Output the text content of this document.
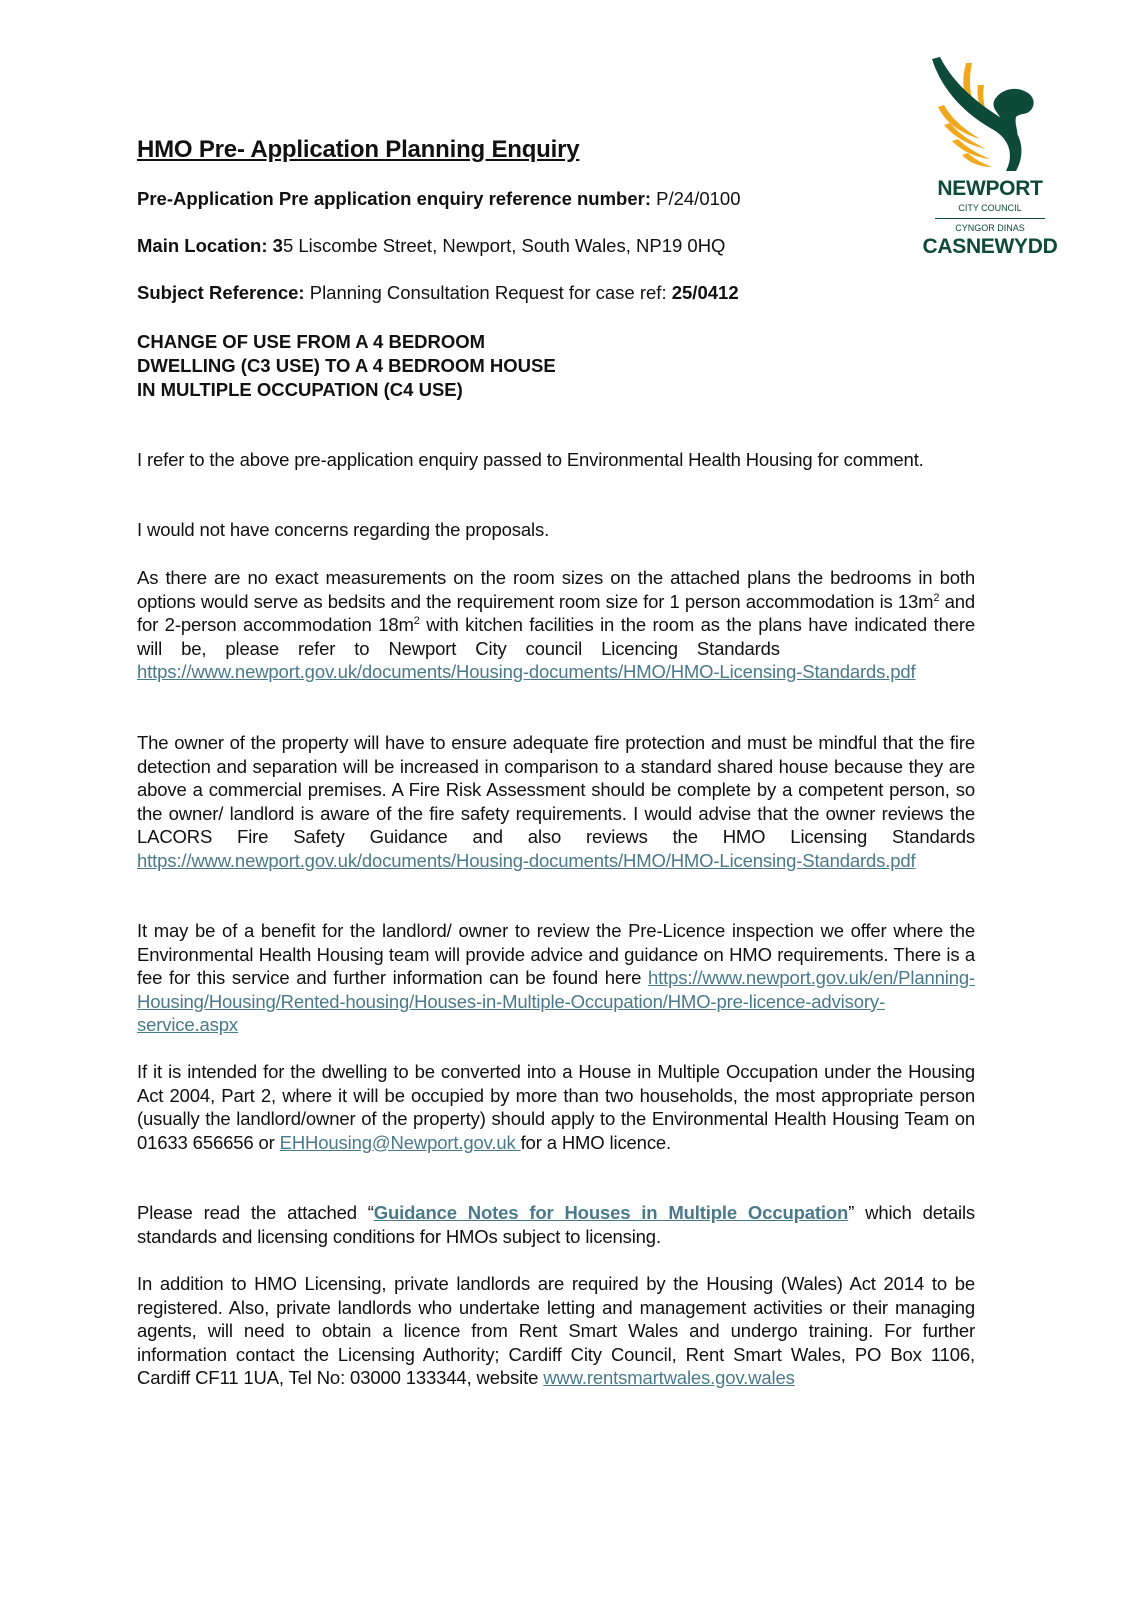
NEWPORT
CITY COUNCIL
CYNGOR DINAS
CASNEWYDD
HMO Pre- Application Planning Enquiry

Pre-Application Pre application enquiry reference number: P/24/0100

Main Location: 35 Liscombe Street, Newport, South Wales, NP19 0HQ

Subject Reference: Planning Consultation Request for case ref: 25/0412

CHANGE OF USE FROM A 4 BEDROOM DWELLING (C3 USE) TO A 4 BEDROOM HOUSE IN MULTIPLE OCCUPATION (C4 USE)

I refer to the above pre-application enquiry passed to Environmental Health Housing for comment.

I would not have concerns regarding the proposals.

As there are no exact measurements on the room sizes on the attached plans the bedrooms in both options would serve as bedsits and the requirement room size for 1 person accommodation is $13m^2$ and for 2-person accommodation $18m^2$ with kitchen facilities in the room as the plans have indicated there will be, please refer to Newport City council Licencing Standards            https://www.newport.gov.uk/documents/Housing-documents/HMO/HMO-Licensing-Standards.pdf

The owner of the property will have to ensure adequate fire protection and must be mindful that the fire detection and separation will be increased in comparison to a standard shared house because they are above a commercial premises. A Fire Risk Assessment should be complete by a competent person, so the owner/ landlord is aware of the fire safety requirements. I would advise that the owner reviews the LACORS Fire Safety Guidance and also reviews the HMO Licensing Standards https://www.newport.gov.uk/documents/Housing-documents/HMO/HMO-Licensing-Standards.pdf

It may be of a benefit for the landlord/ owner to review the Pre-Licence inspection we offer where the Environmental Health Housing team will provide advice and guidance on HMO requirements. There is a fee for this service and further information can be found here https://www.newport.gov.uk/en/Planning-Housing/Housing/Rented-housing/Houses-in-Multiple-Occupation/HMO-pre-licence-advisory-service.aspx

If it is intended for the dwelling to be converted into a House in Multiple Occupation under the Housing Act 2004, Part 2, where it will be occupied by more than two households, the most appropriate person (usually the landlord/owner of the property) should apply to the Environmental Health Housing Team on 01633 656656 or EHHousing@Newport.gov.uk for a HMO licence.

Please read the attached “Guidance Notes for Houses in Multiple Occupation” which details standards and licensing conditions for HMOs subject to licensing.

In addition to HMO Licensing, private landlords are required by the Housing (Wales) Act 2014 to be registered. Also, private landlords who undertake letting and management activities or their managing agents, will need to obtain a licence from Rent Smart Wales and undergo training. For further information contact the Licensing Authority; Cardiff City Council, Rent Smart Wales, PO Box 1106, Cardiff CF11 1UA, Tel No: 03000 133344, website www.rentsmartwales.gov.wales
